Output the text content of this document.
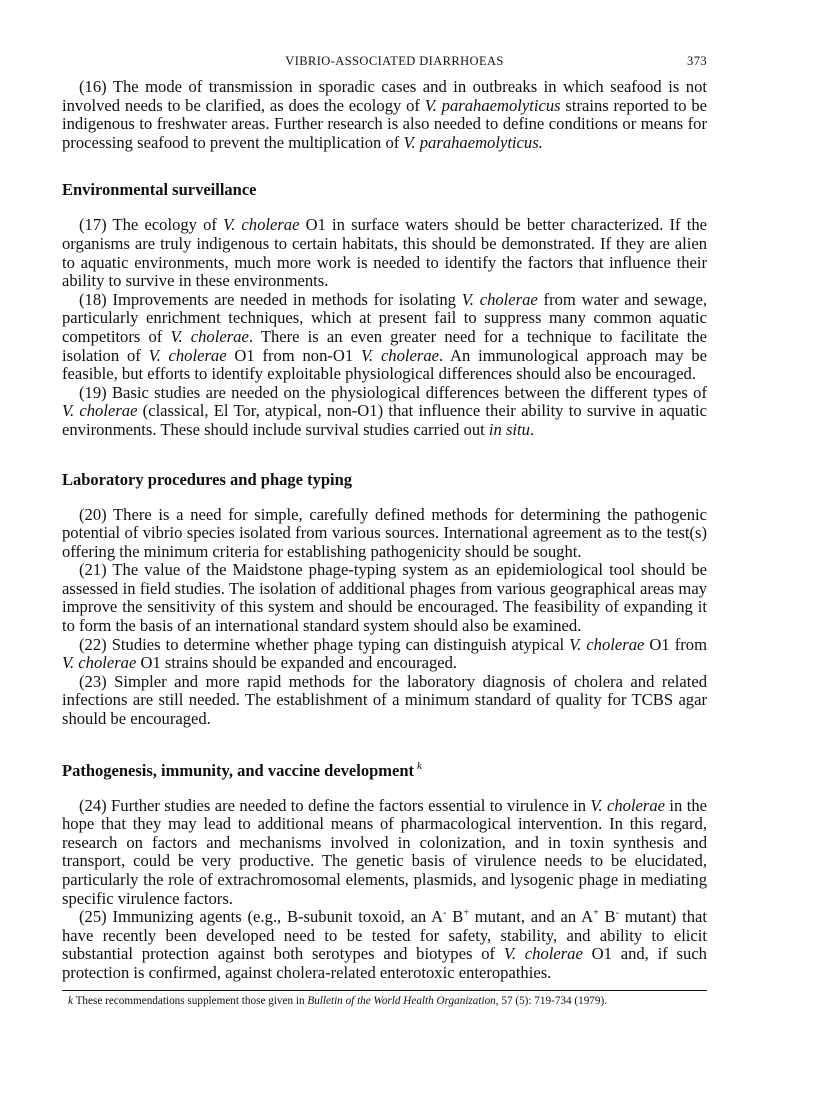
VIBRIO-ASSOCIATED DIARRHOEAS	373

(16) The mode of transmission in sporadic cases and in outbreaks in which seafood is not involved needs to be clarified, as does the ecology of V. parahaemolyticus strains reported to be indigenous to freshwater areas. Further research is also needed to define conditions or means for processing seafood to prevent the multiplication of V. parahaemolyticus.

Environmental surveillance

(17) The ecology of V. cholerae O1 in surface waters should be better characterized. If the organisms are truly indigenous to certain habitats, this should be demonstrated. If they are alien to aquatic environments, much more work is needed to identify the factors that influence their ability to survive in these environments.

(18) Improvements are needed in methods for isolating V. cholerae from water and sewage, particularly enrichment techniques, which at present fail to suppress many common aquatic competitors of V. cholerae. There is an even greater need for a technique to facilitate the isolation of V. cholerae O1 from non-O1 V. cholerae. An immunological approach may be feasible, but efforts to identify exploitable physiological differences should also be encouraged.

(19) Basic studies are needed on the physiological differences between the different types of V. cholerae (classical, El Tor, atypical, non-O1) that influence their ability to survive in aquatic environments. These should include survival studies carried out in situ.

Laboratory procedures and phage typing

(20) There is a need for simple, carefully defined methods for determining the pathogenic potential of vibrio species isolated from various sources. International agreement as to the test(s) offering the minimum criteria for establishing pathogenicity should be sought.

(21) The value of the Maidstone phage-typing system as an epidemiological tool should be assessed in field studies. The isolation of additional phages from various geographical areas may improve the sensitivity of this system and should be encouraged. The feasibility of expanding it to form the basis of an international standard system should also be examined.

(22) Studies to determine whether phage typing can distinguish atypical V. cholerae O1 from V. cholerae O1 strains should be expanded and encouraged.

(23) Simpler and more rapid methods for the laboratory diagnosis of cholera and related infections are still needed. The establishment of a minimum standard of quality for TCBS agar should be encouraged.

Pathogenesis, immunity, and vaccine development $^k$

(24) Further studies are needed to define the factors essential to virulence in V. cholerae in the hope that they may lead to additional means of pharmacological intervention. In this regard, research on factors and mechanisms involved in colonization, and in toxin synthesis and transport, could be very productive. The genetic basis of virulence needs to be elucidated, particularly the role of extrachromosomal elements, plasmids, and lysogenic phage in mediating specific virulence factors.

(25) Immunizing agents (e.g., B-subunit toxoid, an A- B+ mutant, and an A+ B- mutant) that have recently been developed need to be tested for safety, stability, and ability to elicit substantial protection against both serotypes and biotypes of V. cholerae O1 and, if such protection is confirmed, against cholera-related enterotoxic enteropathies.

k These recommendations supplement those given in Bulletin of the World Health Organization, 57 (5): 719-734 (1979).
